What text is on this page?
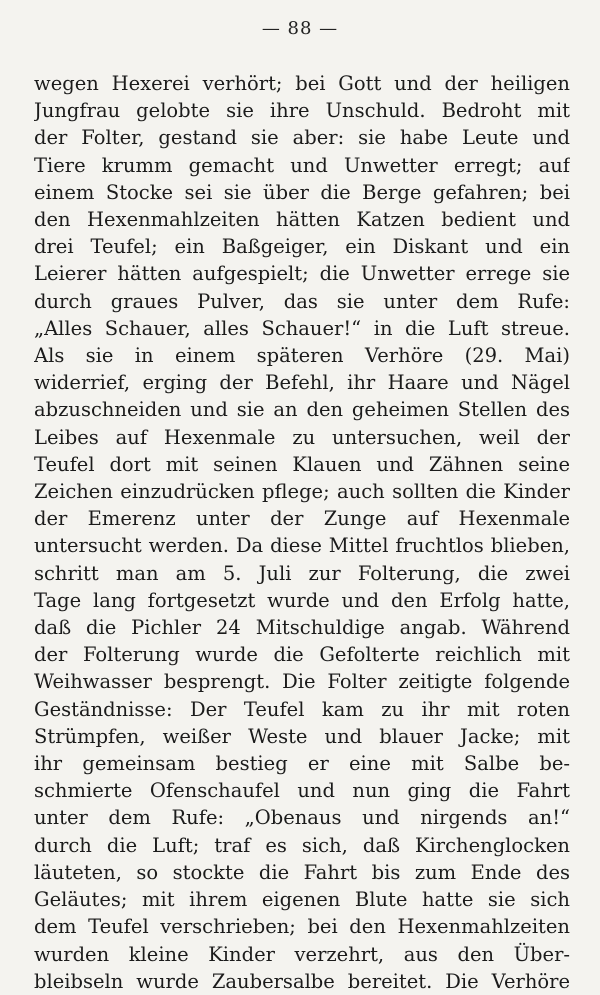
— 88 —
wegen Hexerei verhört; bei Gott und der heiligen
Jungfrau gelobte sie ihre Unschuld. Bedroht mit
der Folter, gestand sie aber: sie habe Leute und
Tiere krumm gemacht und Unwetter erregt; auf
einem Stocke sei sie über die Berge gefahren; bei
den Hexenmahlzeiten hätten Katzen bedient und
drei Teufel; ein Baßgeiger, ein Diskant und ein
Leierer hätten aufgespielt; die Unwetter errege sie
durch graues Pulver, das sie unter dem Rufe:
„Alles Schauer, alles Schauer!“ in die Luft streue.
Als sie in einem späteren Verhöre (29. Mai)
widerrief, erging der Befehl, ihr Haare und Nägel
abzuschneiden und sie an den geheimen Stellen des
Leibes auf Hexenmale zu untersuchen, weil der
Teufel dort mit seinen Klauen und Zähnen seine
Zeichen einzudrücken pflege; auch sollten die Kinder
der Emerenz unter der Zunge auf Hexenmale
untersucht werden. Da diese Mittel fruchtlos blieben,
schritt man am 5. Juli zur Folterung, die zwei
Tage lang fortgesetzt wurde und den Erfolg hatte,
daß die Pichler 24 Mitschuldige angab. Während
der Folterung wurde die Gefolterte reichlich mit
Weihwasser besprengt. Die Folter zeitigte folgende
Geständnisse: Der Teufel kam zu ihr mit roten
Strümpfen, weißer Weste und blauer Jacke; mit
ihr gemeinsam bestieg er eine mit Salbe be-
schmierte Ofenschaufel und nun ging die Fahrt
unter dem Rufe: „Obenaus und nirgends an!“
durch die Luft; traf es sich, daß Kirchenglocken
läuteten, so stockte die Fahrt bis zum Ende des
Geläutes; mit ihrem eigenen Blute hatte sie sich
dem Teufel verschrieben; bei den Hexenmahlzeiten
wurden kleine Kinder verzehrt, aus den Über-
bleibseln wurde Zaubersalbe bereitet. Die Verhöre
